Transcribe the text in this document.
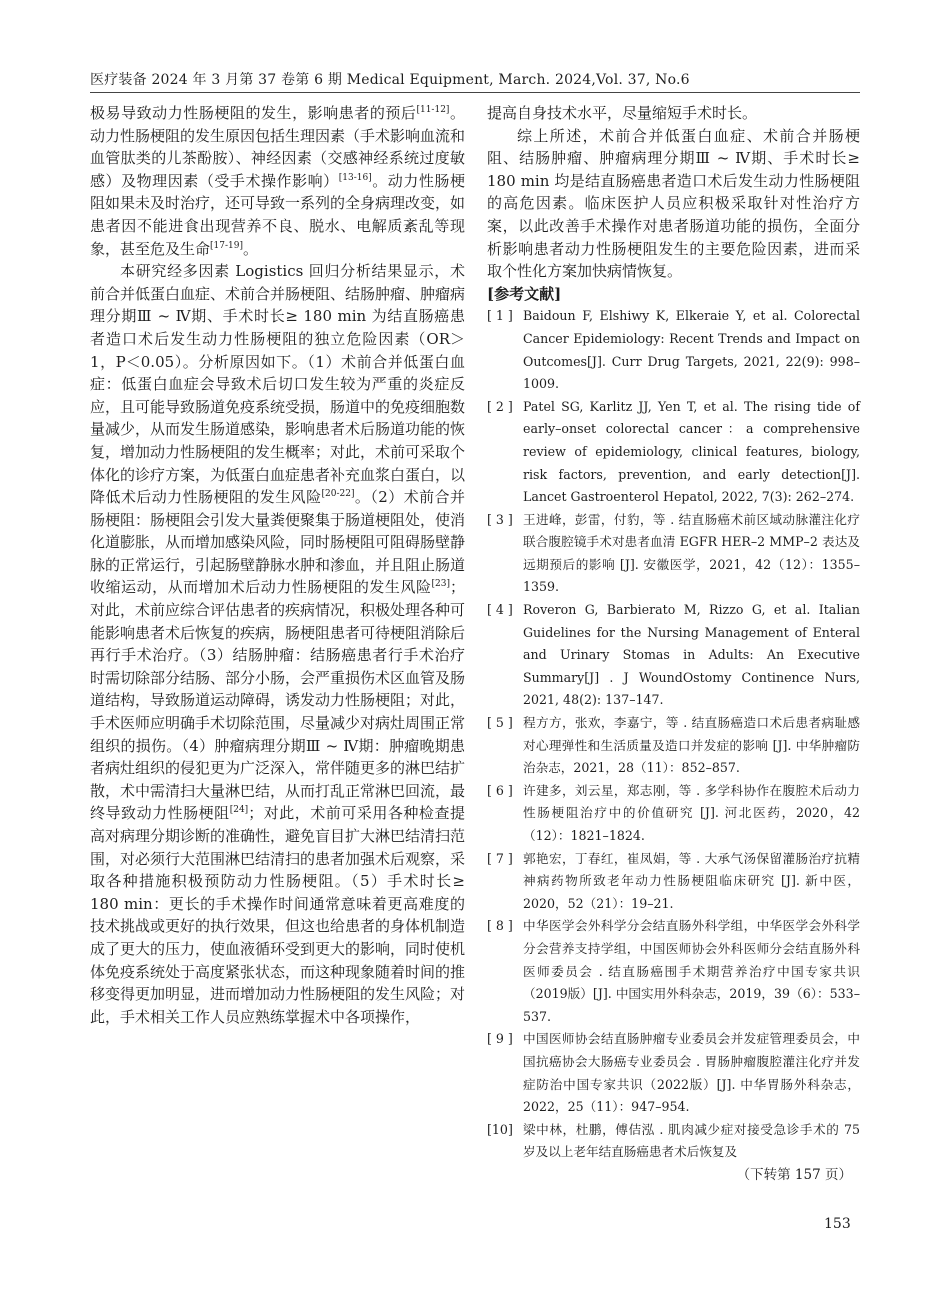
医疗装备 2024 年 3 月第 37 卷第 6 期 Medical Equipment, March. 2024,Vol. 37, No.6

极易导致动力性肠梗阻的发生，影响患者的预后[11-12]。动力性肠梗阻的发生原因包括生理因素（手术影响血流和血管肽类的儿茶酚胺）、神经因素（交感神经系统过度敏感）及物理因素（受手术操作影响）[13-16]。动力性肠梗阻如果未及时治疗，还可导致一系列的全身病理改变，如患者因不能进食出现营养不良、脱水、电解质紊乱等现象，甚至危及生命[17-19]。

本研究经多因素 Logistics 回归分析结果显示，术前合并低蛋白血症、术前合并肠梗阻、结肠肿瘤、肿瘤病理分期Ⅲ ~ Ⅳ期、手术时长≥ 180 min 为结直肠癌患者造口术后发生动力性肠梗阻的独立危险因素（OR＞1，P＜0.05）。分析原因如下。（1）术前合并低蛋白血症：低蛋白血症会导致术后切口发生较为严重的炎症反应，且可能导致肠道免疫系统受损，肠道中的免疫细胞数量减少，从而发生肠道感染，影响患者术后肠道功能的恢复，增加动力性肠梗阻的发生概率；对此，术前可采取个体化的诊疗方案，为低蛋白血症患者补充血浆白蛋白，以降低术后动力性肠梗阻的发生风险[20-22]。（2）术前合并肠梗阻：肠梗阻会引发大量粪便聚集于肠道梗阻处，使消化道膨胀，从而增加感染风险，同时肠梗阻可阻碍肠壁静脉的正常运行，引起肠壁静脉水肿和渗血，并且阻止肠道收缩运动，从而增加术后动力性肠梗阻的发生风险[23]；对此，术前应综合评估患者的疾病情况，积极处理各种可能影响患者术后恢复的疾病，肠梗阻患者可待梗阻消除后再行手术治疗。（3）结肠肿瘤：结肠癌患者行手术治疗时需切除部分结肠、部分小肠，会严重损伤术区血管及肠道结构，导致肠道运动障碍，诱发动力性肠梗阻；对此，手术医师应明确手术切除范围，尽量减少对病灶周围正常组织的损伤。（4）肿瘤病理分期Ⅲ ~ Ⅳ期：肿瘤晚期患者病灶组织的侵犯更为广泛深入，常伴随更多的淋巴结扩散，术中需清扫大量淋巴结，从而打乱正常淋巴回流，最终导致动力性肠梗阻[24]；对此，术前可采用各种检查提高对病理分期诊断的准确性，避免盲目扩大淋巴结清扫范围，对必须行大范围淋巴结清扫的患者加强术后观察，采取各种措施积极预防动力性肠梗阻。（5）手术时长≥ 180 min：更长的手术操作时间通常意味着更高难度的技术挑战或更好的执行效果，但这也给患者的身体机制造成了更大的压力，使血液循环受到更大的影响，同时使机体免疫系统处于高度紧张状态，而这种现象随着时间的推移变得更加明显，进而增加动力性肠梗阻的发生风险；对此，手术相关工作人员应熟练掌握术中各项操作，

提高自身技术水平，尽量缩短手术时长。

综上所述，术前合并低蛋白血症、术前合并肠梗阻、结肠肿瘤、肿瘤病理分期Ⅲ ~ Ⅳ期、手术时长≥ 180 min 均是结直肠癌患者造口术后发生动力性肠梗阻的高危因素。临床医护人员应积极采取针对性治疗方案，以此改善手术操作对患者肠道功能的损伤，全面分析影响患者动力性肠梗阻发生的主要危险因素，进而采取个性化方案加快病情恢复。

[参考文献]

[ 1 ] Baidoun F, Elshiwy K, Elkeraie Y, et al. Colorectal Cancer Epidemiology: Recent Trends and Impact on Outcomes[J]. Curr Drug Targets, 2021, 22(9): 998–1009.
[ 2 ] Patel SG, Karlitz JJ, Yen T, et al. The rising tide of early–onset colorectal cancer：a comprehensive review of epidemiology, clinical features, biology, risk factors, prevention, and early detection[J]. Lancet Gastroenterol Hepatol, 2022, 7(3): 262–274.
[ 3 ] 王进峰，彭雷，付豹，等 . 结直肠癌术前区域动脉灌注化疗联合腹腔镜手术对患者血清 EGFR HER–2 MMP–2 表达及远期预后的影响 [J]. 安徽医学，2021，42（12）：1355–1359.
[ 4 ] Roveron G, Barbierato M, Rizzo G, et al. Italian Guidelines for the Nursing Management of Enteral and Urinary Stomas in Adults: An Executive Summary[J] . J WoundOstomy Continence Nurs, 2021, 48(2): 137–147.
[ 5 ] 程方方，张欢，李嘉宁，等 . 结直肠癌造口术后患者病耻感对心理弹性和生活质量及造口并发症的影响 [J]. 中华肿瘤防治杂志，2021，28（11）：852–857.
[ 6 ] 许建多，刘云星，郑志刚，等 . 多学科协作在腹腔术后动力性肠梗阻治疗中的价值研究 [J]. 河北医药，2020，42（12）：1821–1824.
[ 7 ] 郭艳宏，丁春红，崔凤娟，等 . 大承气汤保留灌肠治疗抗精神病药物所致老年动力性肠梗阻临床研究 [J]. 新中医，2020，52（21）：19–21.
[ 8 ] 中华医学会外科学分会结直肠外科学组，中华医学会外科学分会营养支持学组，中国医师协会外科医师分会结直肠外科医师委员会 . 结直肠癌围手术期营养治疗中国专家共识（2019版）[J]. 中国实用外科杂志，2019，39（6）：533–537.
[ 9 ] 中国医师协会结直肠肿瘤专业委员会并发症管理委员会，中国抗癌协会大肠癌专业委员会 . 胃肠肿瘤腹腔灌注化疗并发症防治中国专家共识（2022版）[J]. 中华胃肠外科杂志，2022，25（11）：947–954.
[10] 梁中林，杜鹏，傅佶泓 . 肌肉减少症对接受急诊手术的 75 岁及以上老年结直肠癌患者术后恢复及

（下转第 157 页）

153
